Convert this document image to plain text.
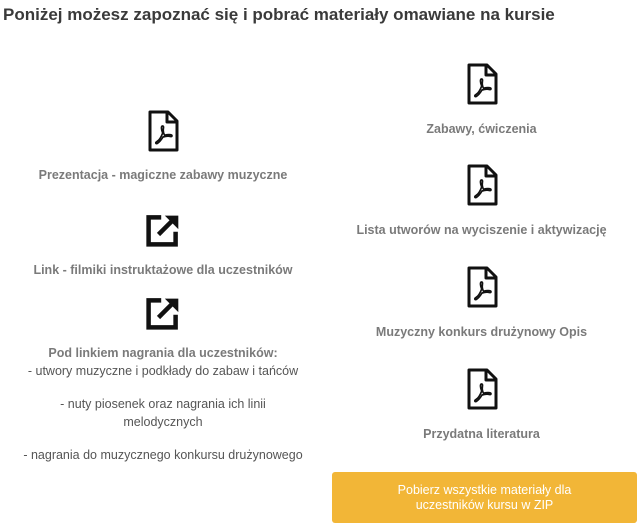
Poniżej możesz zapoznać się i pobrać materiały omawiane na kursie
Prezentacja - magiczne zabawy muzyczne
Link - filmiki instruktażowe dla uczestników
Pod linkiem nagrania dla uczestników:
- utwory muzyczne i podkłady do zabaw i tańców
- nuty piosenek oraz nagrania ich linii
melodycznych
- nagrania do muzycznego konkursu drużynowego
Zabawy, ćwiczenia
Lista utworów na wyciszenie i aktywizację
Muzyczny konkurs drużynowy Opis
Przydatna literatura
Pobierz wszystkie materiały dla uczestników kursu w ZIP
